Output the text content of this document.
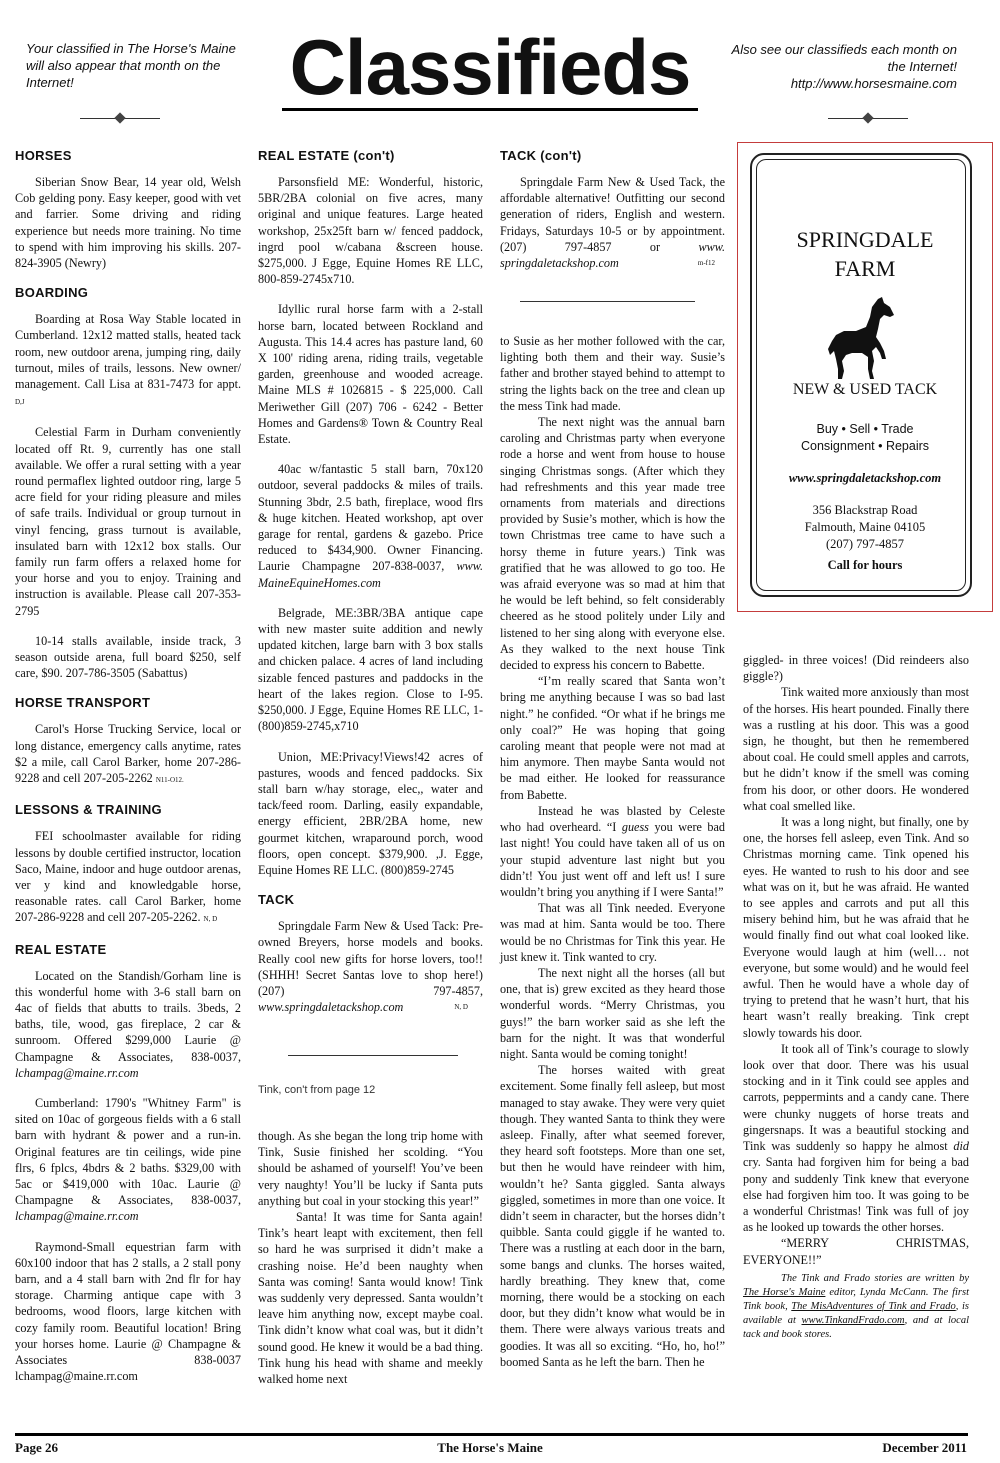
Your classified in The Horse's Maine will also appear that month on the Internet!	Classifieds	Also see our classifieds each month on the Internet!
http://www.horsesmaine.com
HORSES

Siberian Snow Bear, 14 year old, Welsh Cob gelding pony. Easy keeper, good with vet and farrier. Some driving and riding experience but needs more training. No time to spend with him improving his skills. 207-824-3905 (Newry)

BOARDING

Boarding at Rosa Way Stable located in Cumberland. 12x12 matted stalls, heated tack room, new outdoor arena, jumping ring, daily turnout, miles of trails, lessons. New owner/ management. Call Lisa at 831-7473 for appt. D,J

Celestial Farm in Durham conveniently located off Rt. 9, currently has one stall available. We offer a rural setting with a year round permaflex lighted outdoor ring, large 5 acre field for your riding pleasure and miles of safe trails. Individual or group turnout in vinyl fencing, grass turnout is available, insulated barn with 12x12 box stalls. Our family run farm offers a relaxed home for your horse and you to enjoy. Training and instruction is available. Please call 207-353-2795

10-14 stalls available, inside track, 3 season outside arena, full board $250, self care, $90. 207-786-3505 (Sabattus)

HORSE TRANSPORT

Carol's Horse Trucking Service, local or long distance, emergency calls anytime, rates $2 a mile, call Carol Barker, home 207-286-9228 and cell 207-205-2262 N11-O12.

LESSONS & TRAINING

FEI schoolmaster available for riding lessons by double certified instructor, location Saco, Maine, indoor and huge outdoor arenas, ver y kind and knowledgable horse, reasonable rates. call Carol Barker, home 207-286-9228 and cell 207-205-2262. N, D

REAL ESTATE

Located on the Standish/Gorham line is this wonderful home with 3-6 stall barn on 4ac of fields that abutts to trails. 3beds, 2 baths, tile, wood, gas fireplace, 2 car & sunroom. Offered $299,000 Laurie @ Champagne & Associates, 838-0037, lchampag@maine.rr.com

Cumberland: 1790's "Whitney Farm" is sited on 10ac of gorgeous fields with a 6 stall barn with hydrant & power and a run-in. Original features are tin ceilings, wide pine flrs, 6 fplcs, 4bdrs & 2 baths. $329,00 with 5ac or $419,000 with 10ac. Laurie @ Champagne & Associates, 838-0037, lchampag@maine.rr.com

Raymond-Small equestrian farm with 60x100 indoor that has 2 stalls, a 2 stall pony barn, and a 4 stall barn with 2nd flr for hay storage. Charming antique cape with 3 bedrooms, wood floors, large kitchen with cozy family room. Beautiful location! Bring your horses home. Laurie @ Champagne & Associates 838-0037 lchampag@maine.rr.com

REAL ESTATE (con't)

Parsonsfield ME: Wonderful, historic, 5BR/2BA colonial on five acres, many original and unique features. Large heated workshop, 25x25ft barn w/ fenced paddock, ingrd pool w/cabana &screen house. $275,000. J Egge, Equine Homes RE LLC, 800-859-2745x710.

Idyllic rural horse farm with a 2-stall horse barn, located between Rockland and Augusta. This 14.4 acres has pasture land, 60 X 100' riding arena, riding trails, vegetable garden, greenhouse and wooded acreage. Maine MLS # 1026815 - $ 225,000. Call Meriwether Gill (207) 706 - 6242 - Better Homes and Gardens® Town & Country Real Estate.

40ac w/fantastic 5 stall barn, 70x120 outdoor, several paddocks & miles of trails. Stunning 3bdr, 2.5 bath, fireplace, wood flrs & huge kitchen. Heated workshop, apt over garage for rental, gardens & gazebo. Price reduced to $434,900. Owner Financing. Laurie Champagne 207-838-0037, www. MaineEquineHomes.com

Belgrade, ME:3BR/3BA antique cape with new master suite addition and newly updated kitchen, large barn with 3 box stalls and chicken palace. 4 acres of land including sizable fenced pastures and paddocks in the heart of the lakes region. Close to I-95. $250,000. J Egge, Equine Homes RE LLC, 1-(800)859-2745,x710

Union, ME:Privacy!Views!42 acres of pastures, woods and fenced paddocks. Six stall barn w/hay storage, elec,, water and tack/feed room. Darling, easily expandable, energy efficient, 2BR/2BA home, new gourmet kitchen, wraparound porch, wood floors, open concept. $379,900. ,J. Egge, Equine Homes RE LLC. (800)859-2745

TACK

Springdale Farm New & Used Tack: Pre-owned Breyers, horse models and books. Really cool new gifts for horse lovers, too!! (SHHH! Secret Santas love to shop here!) (207) 797-4857, www.springdaletackshop.com	N, D

Tink, con't from page 12

though. As she began the long trip home with Tink, Susie finished her scolding. “You should be ashamed of yourself! You’ve been very naughty! You’ll be lucky if Santa puts anything but coal in your stocking this year!”

Santa! It was time for Santa again! Tink’s heart leapt with excitement, then fell so hard he was surprised it didn’t make a crashing noise. He’d been naughty when Santa was coming! Santa would know! Tink was suddenly very depressed. Santa wouldn’t leave him anything now, except maybe coal. Tink didn’t know what coal was, but it didn’t sound good. He knew it would be a bad thing. Tink hung his head with shame and meekly walked home next

TACK (con't)

Springdale Farm New & Used Tack, the affordable alternative! Outfitting our second generation of riders, English and western. Fridays, Saturdays 10-5 or by appointment. (207) 797-4857 or	www. springdaletackshop.com	m-f12

to Susie as her mother followed with the car, lighting both them and their way. Susie’s father and brother stayed behind to attempt to string the lights back on the tree and clean up the mess Tink had made.

The next night was the annual barn caroling and Christmas party when everyone rode a horse and went from house to house singing Christmas songs. (After which they had refreshments and this year made tree ornaments from materials and directions provided by Susie’s mother, which is how the town Christmas tree came to have such a horsy theme in future years.) Tink was gratified that he was allowed to go too. He was afraid everyone was so mad at him that he would be left behind, so felt considerably cheered as he stood politely under Lily and listened to her sing along with everyone else. As they walked to the next house Tink decided to express his concern to Babette.

“I’m really scared that Santa won’t bring me anything because I was so bad last night.” he confided. “Or what if he brings me only coal?” He was hoping that going caroling meant that people were not mad at him anymore. Then maybe Santa would not be mad either. He looked for reassurance from Babette.

Instead he was blasted by Celeste who had overheard. “I guess you were bad last night! You could have taken all of us on your stupid adventure last night but you didn’t! You just went off and left us! I sure wouldn’t bring you anything if I were Santa!”

That was all Tink needed. Everyone was mad at him. Santa would be too. There would be no Christmas for Tink this year. He just knew it. Tink wanted to cry.

The next night all the horses (all but one, that is) grew excited as they heard those wonderful words. “Merry Christmas, you guys!” the barn worker said as she left the barn for the night. It was that wonderful night. Santa would be coming tonight!

The horses waited with great excitement. Some finally fell asleep, but most managed to stay awake. They were very quiet though. They wanted Santa to think they were asleep. Finally, after what seemed forever, they heard soft footsteps. More than one set, but then he would have reindeer with him, wouldn’t he? Santa giggled. Santa always giggled, sometimes in more than one voice. It didn’t seem in character, but the horses didn’t quibble. Santa could giggle if he wanted to. There was a rustling at each door in the barn, some bangs and clunks. The horses waited, hardly breathing. They knew that, come morning, there would be a stocking on each door, but they didn’t know what would be in them. There were always various treats and goodies. It was all so exciting. “Ho, ho, ho!” boomed Santa as he left the barn. Then he

SPRINGDALE
FARM
NEW & USED TACK
Buy • Sell • Trade
Consignment • Repairs
www.springdaletackshop.com
356 Blackstrap Road
Falmouth, Maine 04105
(207) 797-4857
Call for hours

giggled- in three voices! (Did reindeers also giggle?)

Tink waited more anxiously than most of the horses. His heart pounded. Finally there was a rustling at his door. This was a good sign, he thought, but then he remembered about coal. He could smell apples and carrots, but he didn’t know if the smell was coming from his door, or other doors. He wondered what coal smelled like.

It was a long night, but finally, one by one, the horses fell asleep, even Tink. And so Christmas morning came. Tink opened his eyes. He wanted to rush to his door and see what was on it, but he was afraid. He wanted to see apples and carrots and put all this misery behind him, but he was afraid that he would finally find out what coal looked like. Everyone would laugh at him (well… not everyone, but some would) and he would feel awful. Then he would have a whole day of trying to pretend that he wasn’t hurt, that his heart wasn’t really breaking. Tink crept slowly towards his door.

It took all of Tink’s courage to slowly look over that door. There was his usual stocking and in it Tink could see apples and carrots, peppermints and a candy cane. There were chunky nuggets of horse treats and gingersnaps. It was a beautiful stocking and Tink was suddenly so happy he almost did cry. Santa had forgiven him for being a bad pony and suddenly Tink knew that everyone else had forgiven him too. It was going to be a wonderful Christmas! Tink was full of joy as he looked up towards the other horses.

“MERRY CHRISTMAS, EVERYONE!!”

The Tink and Frado stories are written by The Horse's Maine editor, Lynda McCann. The first Tink book, The MisAdventures of Tink and Frado, is available at www.TinkandFrado.com, and at local tack and book stores.

Page 26	The Horse's Maine	December 2011
